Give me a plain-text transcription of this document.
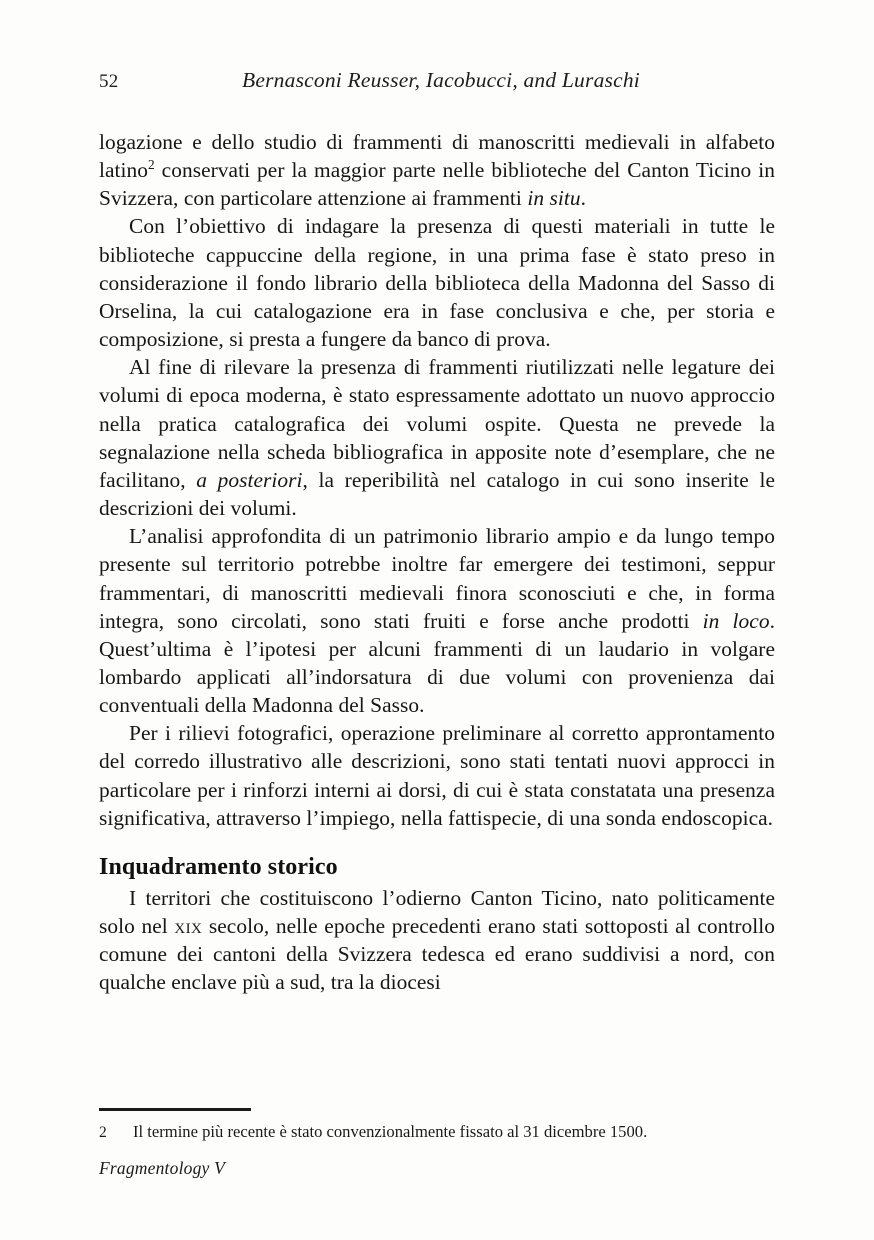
52	Bernasconi Reusser, Iacobucci, and Luraschi

logazione e dello studio di frammenti di manoscritti medievali in alfabeto latino$^2$ conservati per la maggior parte nelle biblioteche del Canton Ticino in Svizzera, con particolare attenzione ai frammenti in situ.

Con l’obiettivo di indagare la presenza di questi materiali in tutte le biblioteche cappuccine della regione, in una prima fase è stato preso in considerazione il fondo librario della biblioteca della Madonna del Sasso di Orselina, la cui catalogazione era in fase conclusiva e che, per storia e composizione, si presta a fungere da banco di prova.

Al fine di rilevare la presenza di frammenti riutilizzati nelle legature dei volumi di epoca moderna, è stato espressamente adottato un nuovo approccio nella pratica catalografica dei volumi ospite. Questa ne prevede la segnalazione nella scheda bibliografica in apposite note d’esemplare, che ne facilitano, a posteriori, la reperibilità nel catalogo in cui sono inserite le descrizioni dei volumi.

L’analisi approfondita di un patrimonio librario ampio e da lungo tempo presente sul territorio potrebbe inoltre far emergere dei testimoni, seppur frammentari, di manoscritti medievali finora sconosciuti e che, in forma integra, sono circolati, sono stati fruiti e forse anche prodotti in loco. Quest’ultima è l’ipotesi per alcuni frammenti di un laudario in volgare lombardo applicati all’indorsatura di due volumi con provenienza dai conventuali della Madonna del Sasso.

Per i rilievi fotografici, operazione preliminare al corretto approntamento del corredo illustrativo alle descrizioni, sono stati tentati nuovi approcci in particolare per i rinforzi interni ai dorsi, di cui è stata constatata una presenza significativa, attraverso l’impiego, nella fattispecie, di una sonda endoscopica.

Inquadramento storico

I territori che costituiscono l’odierno Canton Ticino, nato politicamente solo nel xix secolo, nelle epoche precedenti erano stati sottoposti al controllo comune dei cantoni della Svizzera tedesca ed erano suddivisi a nord, con qualche enclave più a sud, tra la diocesi

2	Il termine più recente è stato convenzionalmente fissato al 31 dicembre 1500.
Fragmentology V
